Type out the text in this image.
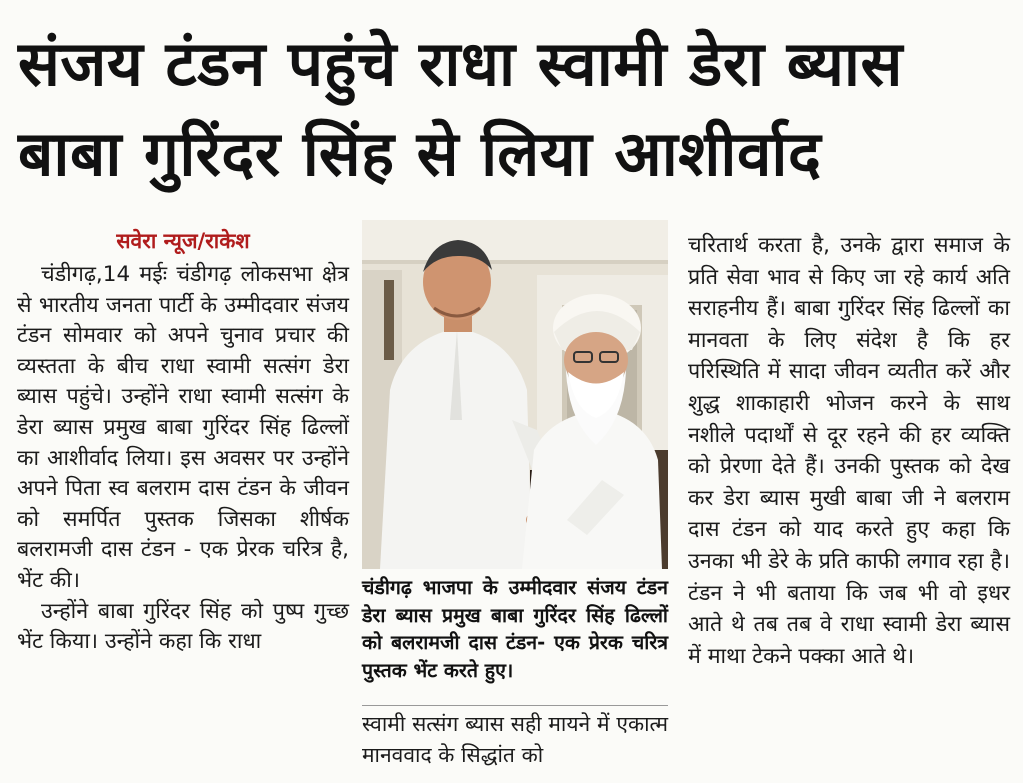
संजय टंडन पहुंचे राधा स्वामी डेरा ब्यास
बाबा गुरिंदर सिंह से लिया आशीर्वाद
सवेरा न्यूज/राकेश

चंडीगढ़,14 मईः चंडीगढ़ लोकसभा क्षेत्र से भारतीय जनता पार्टी के उम्मीदवार संजय टंडन सोमवार को अपने चुनाव प्रचार की व्यस्तता के बीच राधा स्वामी सत्संग डेरा ब्यास पहुंचे। उन्होंने राधा स्वामी सत्संग के डेरा ब्यास प्रमुख बाबा गुरिंदर सिंह ढिल्लों का आशीर्वाद लिया। इस अवसर पर उन्होंने अपने पिता स्व बलराम दास टंडन के जीवन को समर्पित पुस्तक जिसका शीर्षक बलरामजी दास टंडन - एक प्रेरक चरित्र है, भेंट की।

उन्होंने बाबा गुरिंदर सिंह को पुष्प गुच्छ भेंट किया। उन्होंने कहा कि राधा

चंडीगढ़ भाजपा के उम्मीदवार संजय टंडन डेरा ब्यास प्रमुख बाबा गुरिंदर सिंह ढिल्लों को बलरामजी दास टंडन- एक प्रेरक चरित्र पुस्तक भेंट करते हुए।

स्वामी सत्संग ब्यास सही मायने में एकात्म मानववाद के सिद्धांत को

चरितार्थ करता है, उनके द्वारा समाज के प्रति सेवा भाव से किए जा रहे कार्य अति सराहनीय हैं। बाबा गुरिंदर सिंह ढिल्लों का मानवता के लिए संदेश है कि हर परिस्थिति में सादा जीवन व्यतीत करें और शुद्ध शाकाहारी भोजन करने के साथ नशीले पदार्थों से दूर रहने की हर व्यक्ति को प्रेरणा देते हैं। उनकी पुस्तक को देख कर डेरा ब्यास मुखी बाबा जी ने बलराम दास टंडन को याद करते हुए कहा कि उनका भी डेरे के प्रति काफी लगाव रहा है। टंडन ने भी बताया कि जब भी वो इधर आते थे तब तब वे राधा स्वामी डेरा ब्यास में माथा टेकने पक्का आते थे।
